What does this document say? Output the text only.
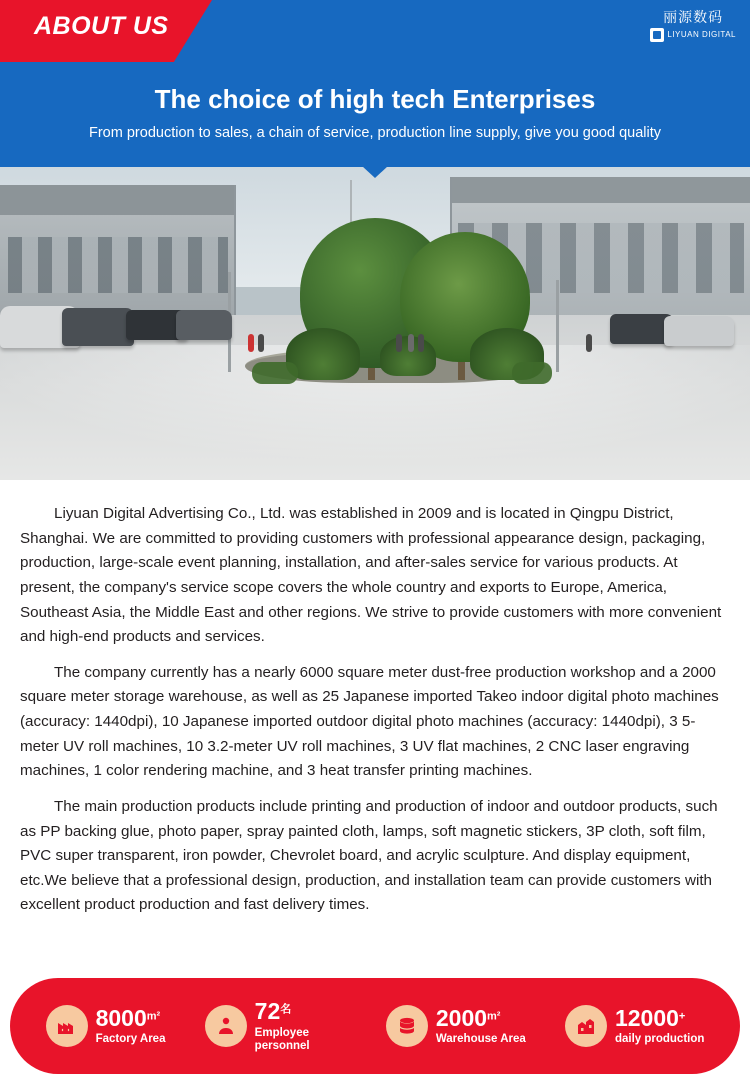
ABOUT US	丽源数码
LIYUAN DIGITAL
The choice of high tech Enterprises

From production to sales, a chain of service, production line supply, give you good quality

Liyuan Digital Advertising Co., Ltd. was established in 2009 and is located in Qingpu District, Shanghai. We are committed to providing customers with professional appearance design, packaging, production, large-scale event planning, installation, and after-sales service for various products. At present, the company's service scope covers the whole country and exports to Europe, America, Southeast Asia, the Middle East and other regions. We strive to provide customers with more convenient and high-end products and services.

The company currently has a nearly 6000 square meter dust-free production workshop and a 2000 square meter storage warehouse, as well as 25 Japanese imported Takeo indoor digital photo machines (accuracy: 1440dpi), 10 Japanese imported outdoor digital photo machines (accuracy: 1440dpi), 3 5-meter UV roll machines, 10 3.2-meter UV roll machines, 3 UV flat machines, 2 CNC laser engraving machines, 1 color rendering machine, and 3 heat transfer printing machines.

The main production products include printing and production of indoor and outdoor products, such as PP backing glue, photo paper, spray painted cloth, lamps, soft magnetic stickers, 3P cloth, soft film, PVC super transparent, iron powder, Chevrolet board, and acrylic sculpture. And display equipment, etc.We believe that a professional design, production, and installation team can provide customers with excellent product production and fast delivery times.

$8000^{m^2}$
Factory Area
$72^名$
Employee personnel
$2000^{m^2}$
Warehouse Area
12000+
daily production
